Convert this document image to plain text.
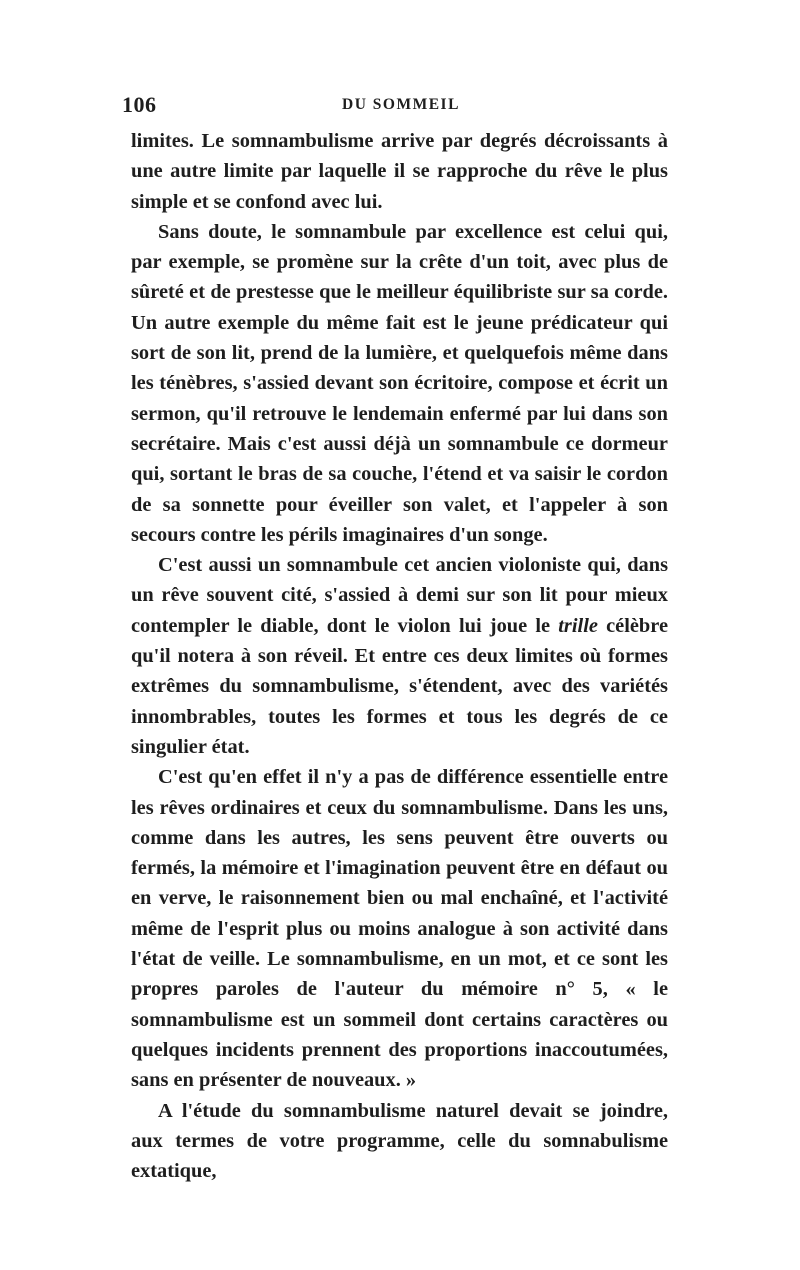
106	DU SOMMEIL

limites. Le somnambulisme arrive par degrés décroissants à une autre limite par laquelle il se rapproche du rêve le plus simple et se confond avec lui.

Sans doute, le somnambule par excellence est celui qui, par exemple, se promène sur la crête d'un toit, avec plus de sûreté et de prestesse que le meilleur équilibriste sur sa corde. Un autre exemple du même fait est le jeune prédicateur qui sort de son lit, prend de la lumière, et quelquefois même dans les ténèbres, s'assied devant son écritoire, compose et écrit un sermon, qu'il retrouve le lendemain enfermé par lui dans son secrétaire. Mais c'est aussi déjà un somnambule ce dormeur qui, sortant le bras de sa couche, l'étend et va saisir le cordon de sa sonnette pour éveiller son valet, et l'appeler à son secours contre les périls imaginaires d'un songe.

C'est aussi un somnambule cet ancien violoniste qui, dans un rêve souvent cité, s'assied à demi sur son lit pour mieux contempler le diable, dont le violon lui joue le trille célèbre qu'il notera à son réveil. Et entre ces deux limites où formes extrêmes du somnambulisme, s'étendent, avec des variétés innombrables, toutes les formes et tous les degrés de ce singulier état.

C'est qu'en effet il n'y a pas de différence essentielle entre les rêves ordinaires et ceux du somnambulisme. Dans les uns, comme dans les autres, les sens peuvent être ouverts ou fermés, la mémoire et l'imagination peuvent être en défaut ou en verve, le raisonnement bien ou mal enchaîné, et l'activité même de l'esprit plus ou moins analogue à son activité dans l'état de veille. Le somnambulisme, en un mot, et ce sont les propres paroles de l'auteur du mémoire n° 5, « le somnambulisme est un sommeil dont certains caractères ou quelques incidents prennent des proportions inaccoutumées, sans en présenter de nouveaux. »

A l'étude du somnambulisme naturel devait se joindre, aux termes de votre programme, celle du somnabulisme extatique,
